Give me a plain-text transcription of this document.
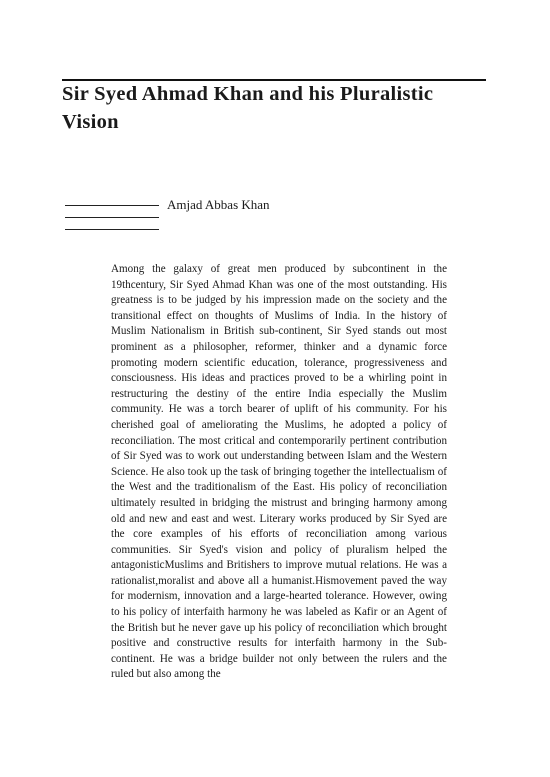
Sir Syed Ahmad Khan and his Pluralistic Vision
Amjad Abbas Khan

Among the galaxy of great men produced by subcontinent in the 19thcentury, Sir Syed Ahmad Khan was one of the most outstanding. His greatness is to be judged by his impression made on the society and the transitional effect on thoughts of Muslims of India. In the history of Muslim Nationalism in British sub-continent, Sir Syed stands out most prominent as a philosopher, reformer, thinker and a dynamic force promoting modern scientific education, tolerance, progressiveness and consciousness. His ideas and practices proved to be a whirling point in restructuring the destiny of the entire India especially the Muslim community. He was a torch bearer of uplift of his community. For his cherished goal of ameliorating the Muslims, he adopted a policy of reconciliation. The most critical and contemporarily pertinent contribution of Sir Syed was to work out understanding between Islam and the Western Science. He also took up the task of bringing together the intellectualism of the West and the traditionalism of the East. His policy of reconciliation ultimately resulted in bridging the mistrust and bringing harmony among old and new and east and west. Literary works produced by Sir Syed are the core examples of his efforts of reconciliation among various communities. Sir Syed's vision and policy of pluralism helped the antagonisticMuslims and Britishers to improve mutual relations. He was a rationalist,moralist and above all a humanist.Hismovement paved the way for modernism, innovation and a large-hearted tolerance. However, owing to his policy of interfaith harmony he was labeled as Kafir or an Agent of the British but he never gave up his policy of reconciliation which brought positive and constructive results for interfaith harmony in the Sub-continent. He was a bridge builder not only between the rulers and the ruled but also among the
